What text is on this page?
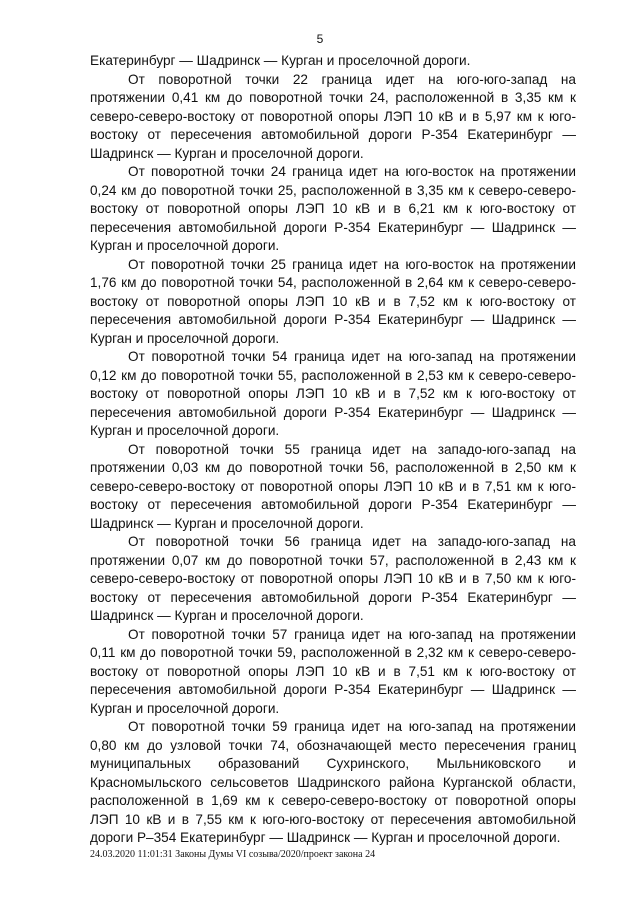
5

Екатеринбург — Шадринск — Курган и проселочной дороги.

От поворотной точки 22 граница идет на юго-юго-запад на протяжении 0,41 км до поворотной точки 24, расположенной в 3,35 км к северо-северо-востоку от поворотной опоры ЛЭП 10 кВ и в 5,97 км к юго-востоку от пересечения автомобильной дороги Р-354 Екатеринбург — Шадринск — Курган и проселочной дороги.

От поворотной точки 24 граница идет на юго-восток на протяжении 0,24 км до поворотной точки 25, расположенной в 3,35 км к северо-северо-востоку от поворотной опоры ЛЭП 10 кВ и в 6,21 км к юго-востоку от пересечения автомобильной дороги Р-354 Екатеринбург — Шадринск — Курган и проселочной дороги.

От поворотной точки 25 граница идет на юго-восток на протяжении 1,76 км до поворотной точки 54, расположенной в 2,64 км к северо-северо-востоку от поворотной опоры ЛЭП 10 кВ и в 7,52 км к юго-востоку от пересечения автомобильной дороги Р-354 Екатеринбург — Шадринск — Курган и проселочной дороги.

От поворотной точки 54 граница идет на юго-запад на протяжении 0,12 км до поворотной точки 55, расположенной в 2,53 км к северо-северо-востоку от поворотной опоры ЛЭП 10 кВ и в 7,52 км к юго-востоку от пересечения автомобильной дороги Р-354 Екатеринбург — Шадринск — Курган и проселочной дороги.

От поворотной точки 55 граница идет на западо-юго-запад на протяжении 0,03 км до поворотной точки 56, расположенной в 2,50 км к северо-северо-востоку от поворотной опоры ЛЭП 10 кВ и в 7,51 км к юго-востоку от пересечения автомобильной дороги Р-354 Екатеринбург — Шадринск — Курган и проселочной дороги.

От поворотной точки 56 граница идет на западо-юго-запад на протяжении 0,07 км до поворотной точки 57, расположенной в 2,43 км к северо-северо-востоку от поворотной опоры ЛЭП 10 кВ и в 7,50 км к юго-востоку от пересечения автомобильной дороги Р-354 Екатеринбург — Шадринск — Курган и проселочной дороги.

От поворотной точки 57 граница идет на юго-запад на протяжении 0,11 км до поворотной точки 59, расположенной в 2,32 км к северо-северо-востоку от поворотной опоры ЛЭП 10 кВ и в 7,51 км к юго-востоку от пересечения автомобильной дороги Р-354 Екатеринбург — Шадринск — Курган и проселочной дороги.

От поворотной точки 59 граница идет на юго-запад на протяжении 0,80 км до узловой точки 74, обозначающей место пересечения границ муниципальных образований Сухринского, Мыльниковского и Красномыльского сельсоветов Шадринского района Курганской области, расположенной в 1,69 км к северо-северо-востоку от поворотной опоры ЛЭП 10 кВ и в 7,55 км к юго-юго-востоку от пересечения автомобильной дороги Р–354 Екатеринбург — Шадринск — Курган и проселочной дороги.

24.03.2020 11:01:31 Законы Думы VI созыва/2020/проект закона 24
